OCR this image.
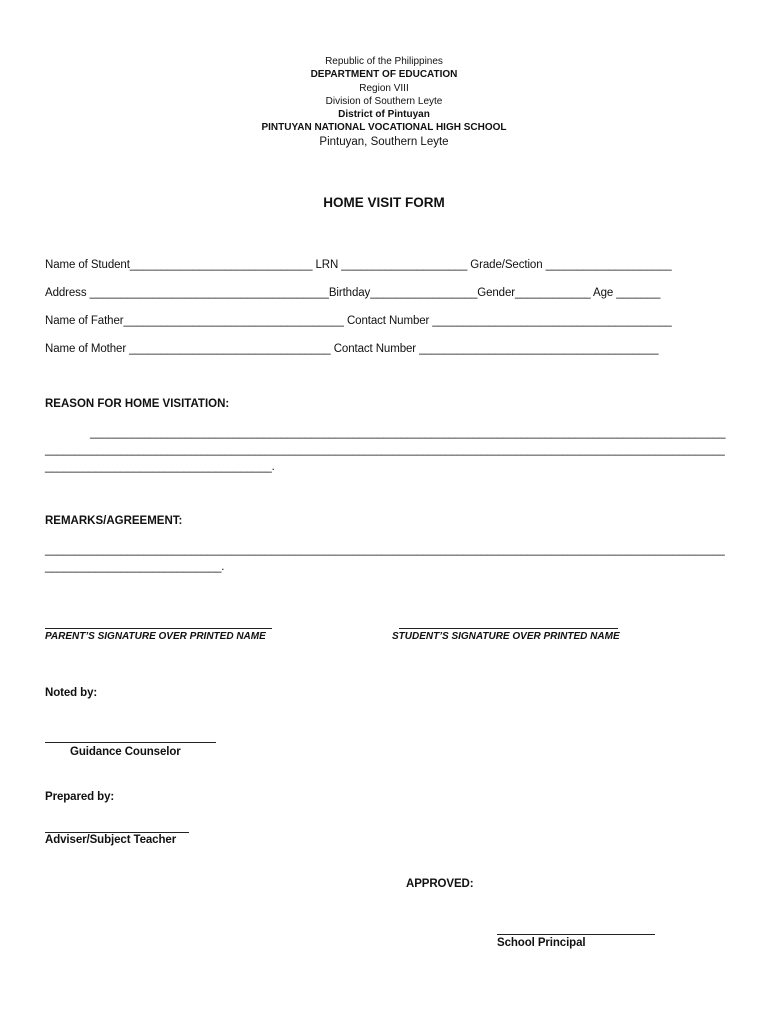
Republic of the Philippines
DEPARTMENT OF EDUCATION
Region VIII
Division of Southern Leyte
District of Pintuyan
PINTUYAN NATIONAL VOCATIONAL HIGH SCHOOL
Pintuyan, Southern Leyte
HOME VISIT FORM
Name of Student_____________________________ LRN ____________________ Grade/Section ____________________
Address ______________________________________Birthday_________________Gender____________ Age _______
Name of Father___________________________________ Contact Number ______________________________________
Name of Mother ________________________________ Contact Number ______________________________________
REASON FOR HOME VISITATION:
__________________________________________________________________________________________________________
_____________________________________________________________________________________________________________________
____________________________________.
REMARKS/AGREEMENT:
_____________________________________________________________________________________________________________________
____________________________.
PARENT’S SIGNATURE OVER PRINTED NAME	STUDENT’S SIGNATURE OVER PRINTED NAME
Noted by:
Guidance Counselor
Prepared by:
Adviser/Subject Teacher
APPROVED:
School Principal
